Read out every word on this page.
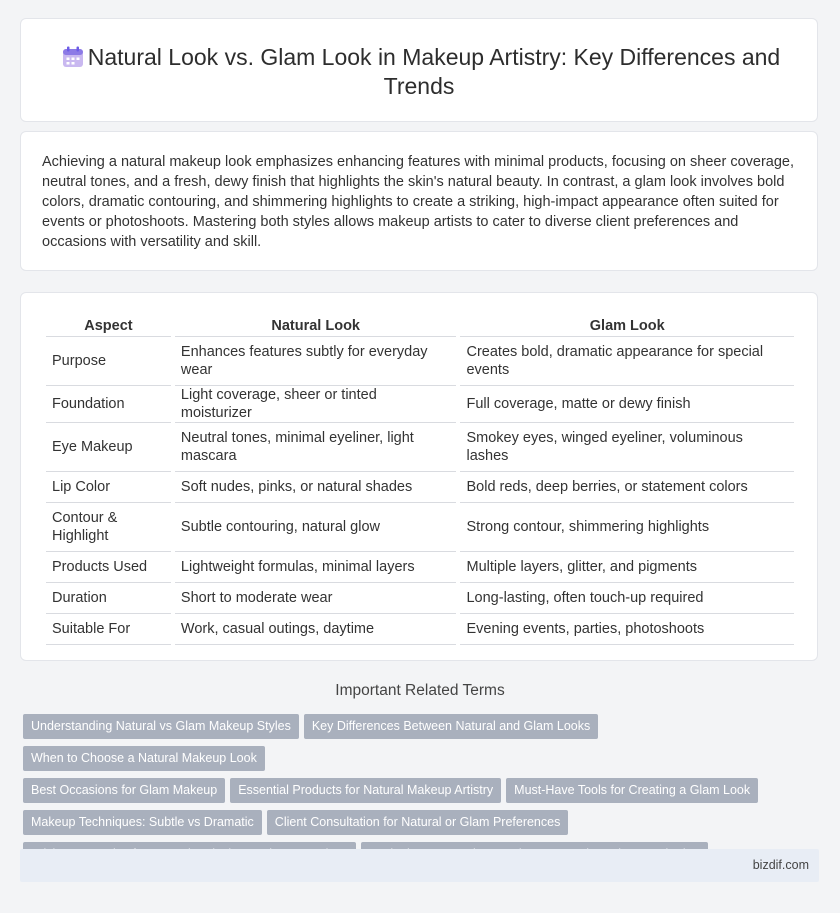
Natural Look vs. Glam Look in Makeup Artistry: Key Differences and Trends

Achieving a natural makeup look emphasizes enhancing features with minimal products, focusing on sheer coverage, neutral tones, and a fresh, dewy finish that highlights the skin's natural beauty. In contrast, a glam look involves bold colors, dramatic contouring, and shimmering highlights to create a striking, high-impact appearance often suited for events or photoshoots. Mastering both styles allows makeup artists to cater to diverse client preferences and occasions with versatility and skill.

Aspect	Natural Look	Glam Look
Purpose	Enhances features subtly for everyday wear	Creates bold, dramatic appearance for special events
Foundation	Light coverage, sheer or tinted moisturizer	Full coverage, matte or dewy finish
Eye Makeup	Neutral tones, minimal eyeliner, light mascara	Smokey eyes, winged eyeliner, voluminous lashes
Lip Color	Soft nudes, pinks, or natural shades	Bold reds, deep berries, or statement colors
Contour & Highlight	Subtle contouring, natural glow	Strong contour, shimmering highlights
Products Used	Lightweight formulas, minimal layers	Multiple layers, glitter, and pigments
Duration	Short to moderate wear	Long-lasting, often touch-up required
Suitable For	Work, casual outings, daytime	Evening events, parties, photoshoots
Important Related Terms
Understanding Natural vs Glam Makeup Styles Key Differences Between Natural and Glam LooksWhen to Choose a Natural Makeup Look
Best Occasions for Glam Makeup Essential Products for Natural Makeup Artistry Must-Have Tools for Creating a Glam Look
Makeup Techniques: Subtle vs Dramatic Client Consultation for Natural or Glam Preferences

bizdif.com
